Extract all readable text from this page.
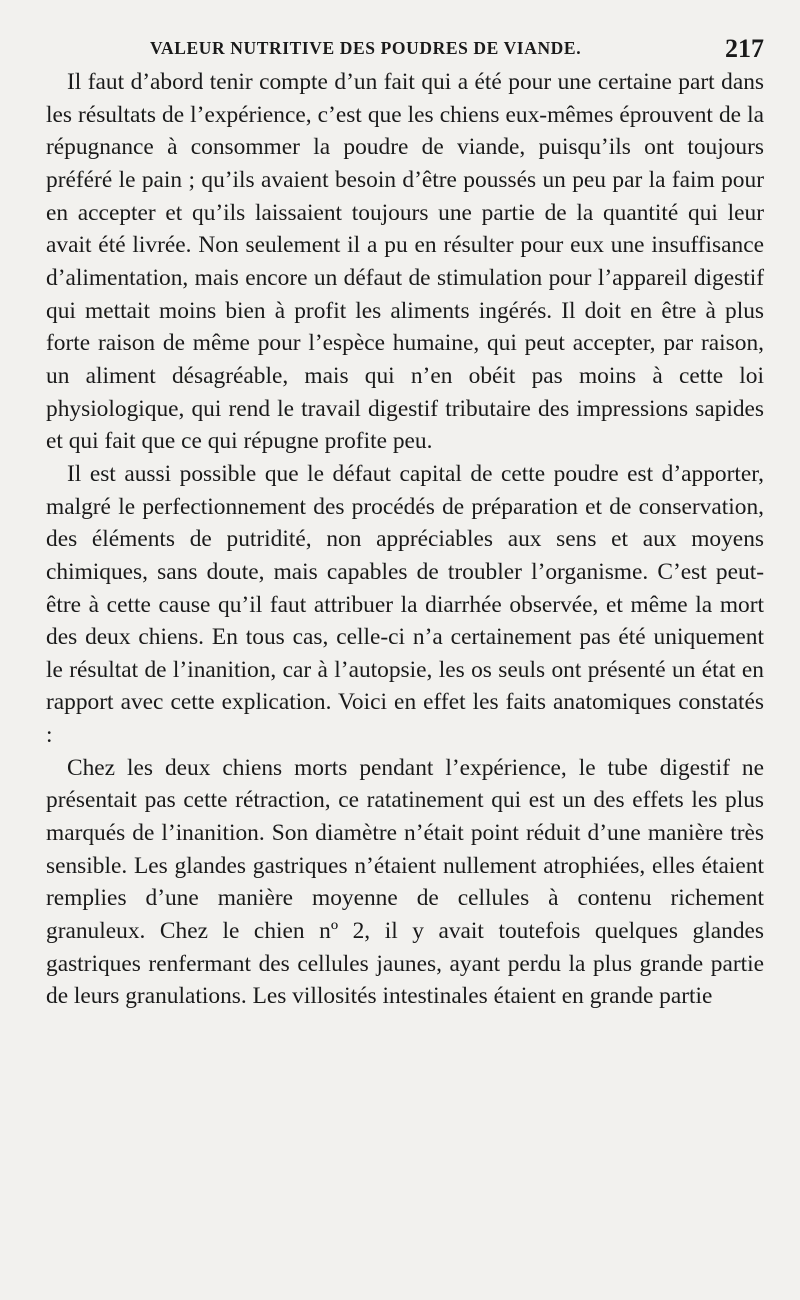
VALEUR NUTRITIVE DES POUDRES DE VIANDE.	217

Il faut d’abord tenir compte d’un fait qui a été pour une certaine part dans les résultats de l’expérience, c’est que les chiens eux-mêmes éprouvent de la répugnance à consommer la poudre de viande, puisqu’ils ont toujours préféré le pain ; qu’ils avaient besoin d’être poussés un peu par la faim pour en accepter et qu’ils laissaient toujours une partie de la quantité qui leur avait été livrée. Non seulement il a pu en résulter pour eux une insuffisance d’alimentation, mais encore un défaut de stimulation pour l’appareil digestif qui mettait moins bien à profit les aliments ingérés. Il doit en être à plus forte raison de même pour l’espèce humaine, qui peut accepter, par raison, un aliment désagréable, mais qui n’en obéit pas moins à cette loi physiologique, qui rend le travail digestif tributaire des impressions sapides et qui fait que ce qui répugne profite peu.

Il est aussi possible que le défaut capital de cette poudre est d’apporter, malgré le perfectionnement des procédés de préparation et de conservation, des éléments de putridité, non appréciables aux sens et aux moyens chimiques, sans doute, mais capables de troubler l’organisme. C’est peut-être à cette cause qu’il faut attribuer la diarrhée observée, et même la mort des deux chiens. En tous cas, celle-ci n’a certainement pas été uniquement le résultat de l’inanition, car à l’autopsie, les os seuls ont présenté un état en rapport avec cette explication. Voici en effet les faits anatomiques constatés :

Chez les deux chiens morts pendant l’expérience, le tube digestif ne présentait pas cette rétraction, ce ratatinement qui est un des effets les plus marqués de l’inanition. Son diamètre n’était point réduit d’une manière très sensible. Les glandes gastriques n’étaient nullement atrophiées, elles étaient remplies d’une manière moyenne de cellules à contenu richement granuleux. Chez le chien nº 2, il y avait toutefois quelques glandes gastriques renfermant des cellules jaunes, ayant perdu la plus grande partie de leurs granulations. Les villosités intestinales étaient en grande partie
